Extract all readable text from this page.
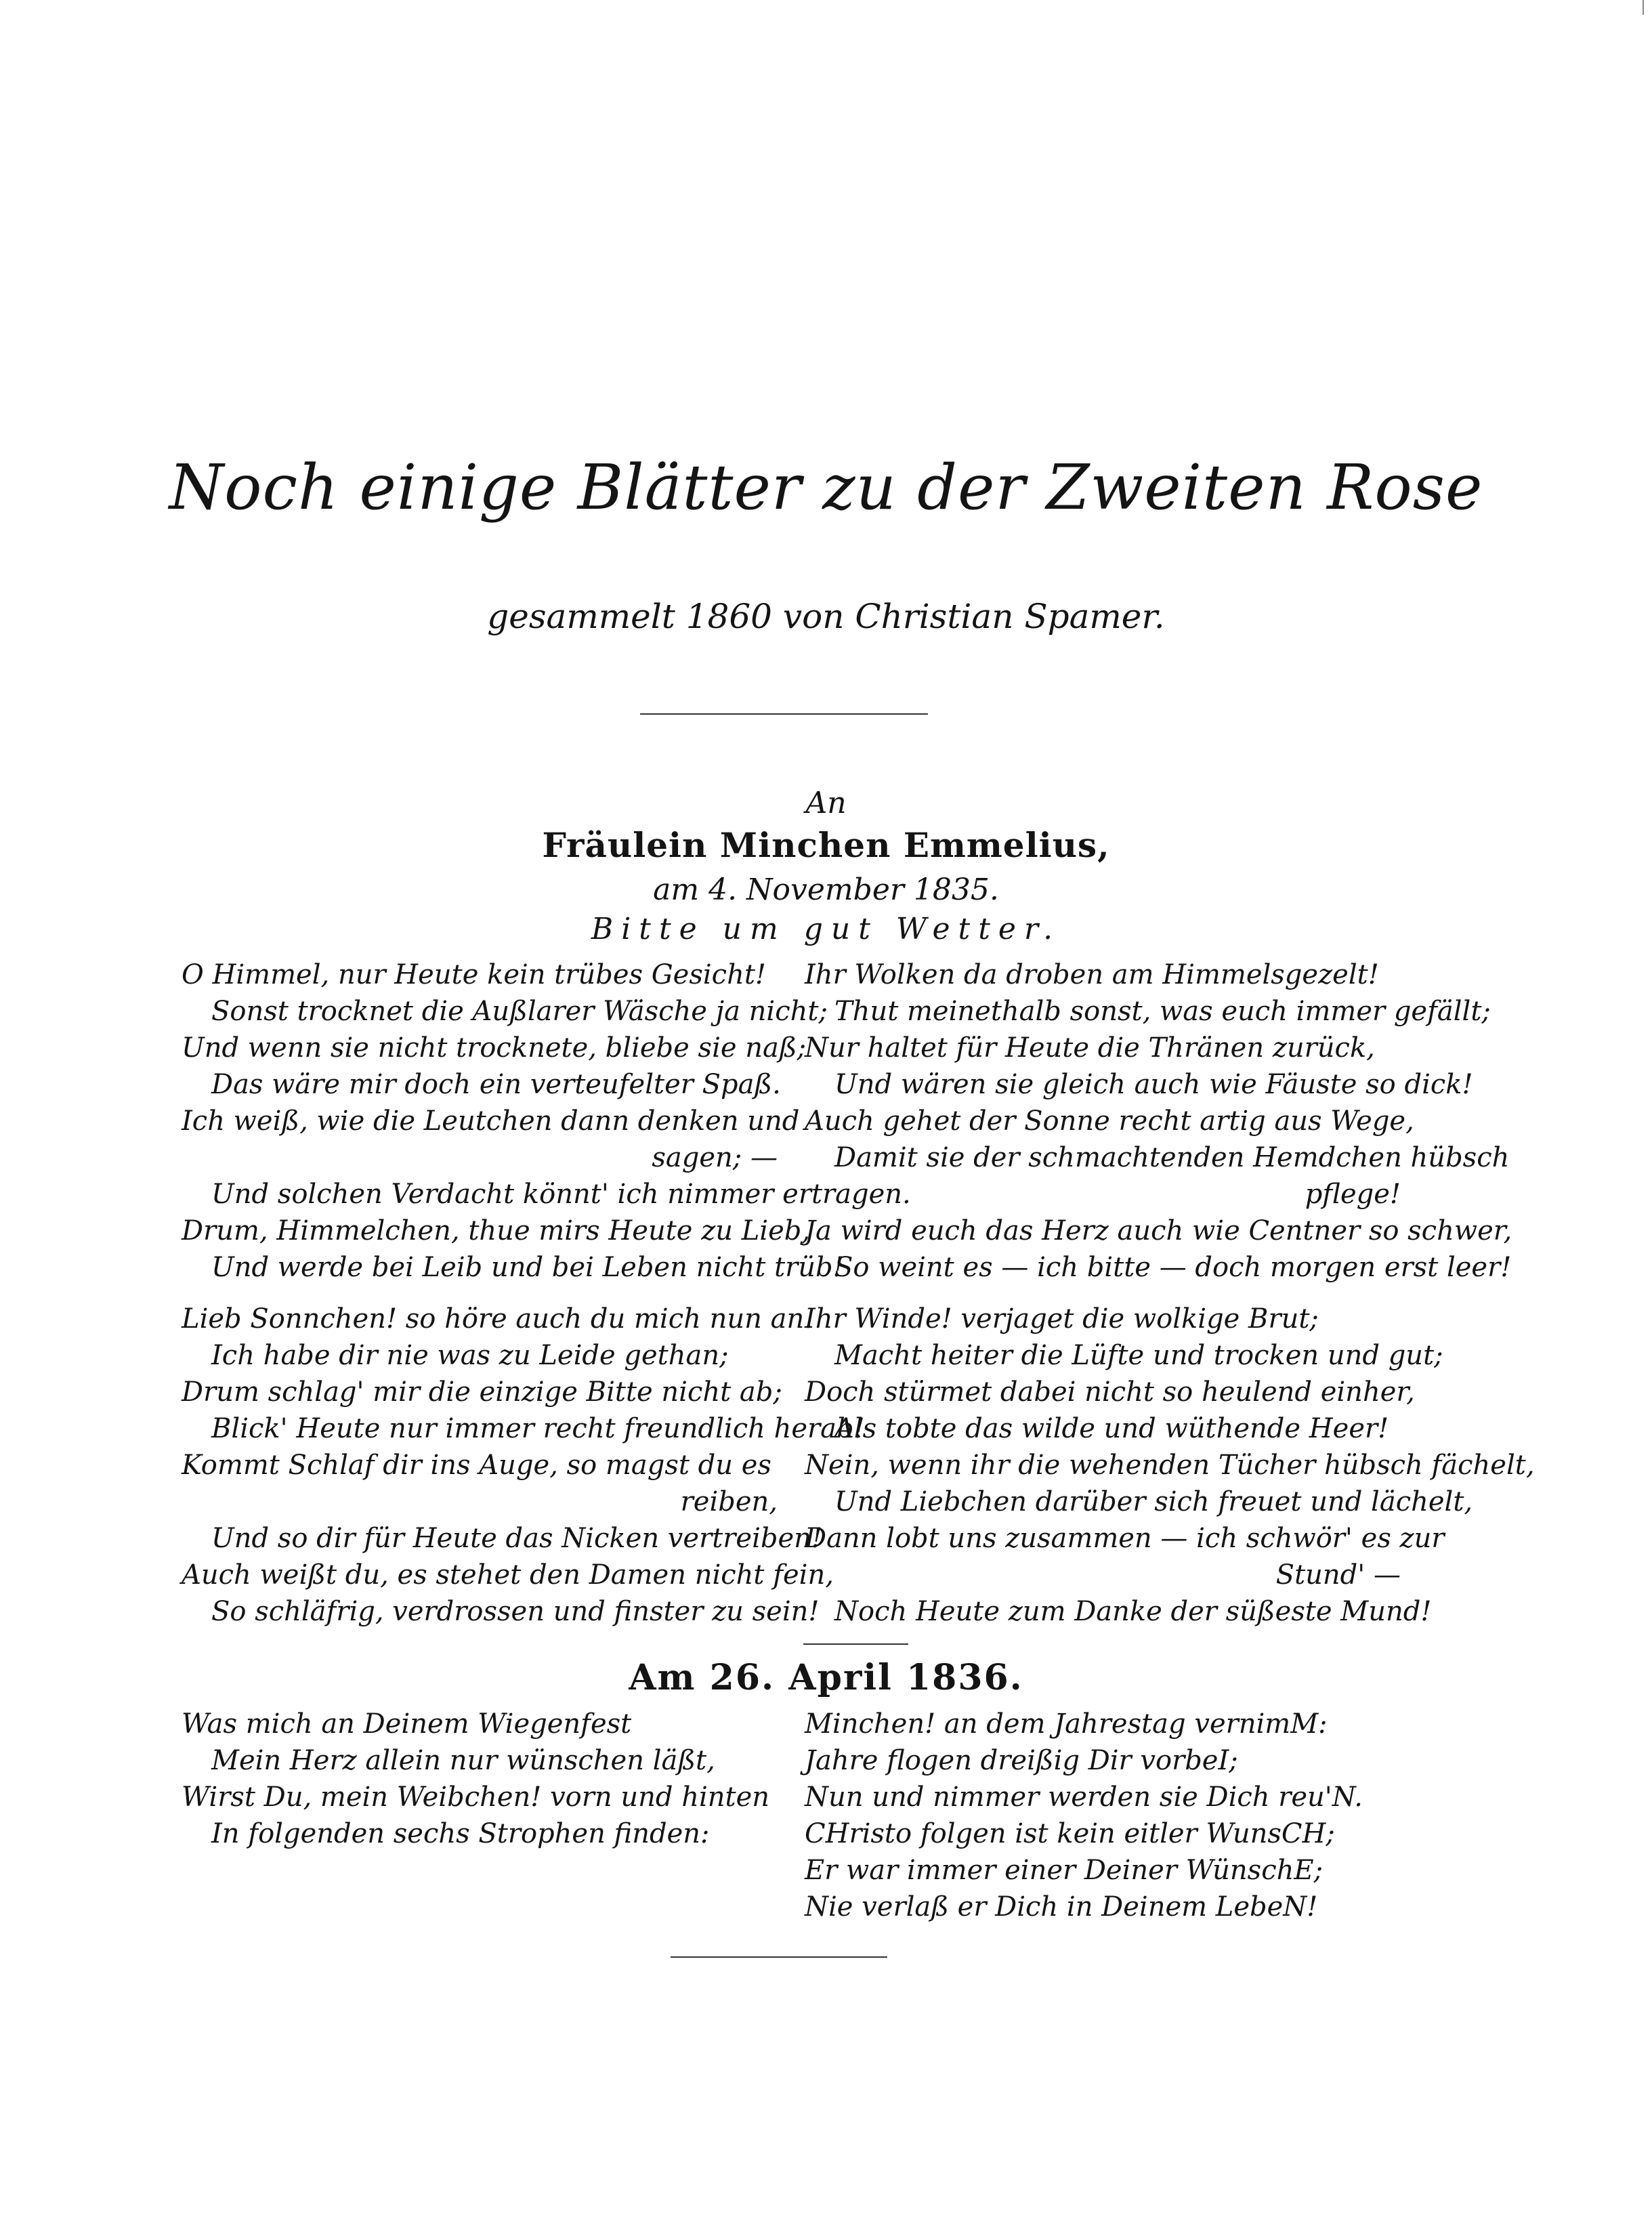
Noch einige Blätter zu der Zweiten Rose
gesammelt 1860 von Christian Spamer.
An
Fräulein Minchen Emmelius,
am 4. November 1835.
Bitte um gut Wetter.
O Himmel, nur Heute kein trübes Gesicht!
Sonst trocknet die Außlarer Wäsche ja nicht;
Und wenn sie nicht trocknete, bliebe sie naß;
Das wäre mir doch ein verteufelter Spaß.
Ich weiß, wie die Leutchen dann denken und
sagen; —
Und solchen Verdacht könnt' ich nimmer ertragen.
Drum, Himmelchen, thue mirs Heute zu Lieb,
Und werde bei Leib und bei Leben nicht trüb!
Lieb Sonnchen! so höre auch du mich nun an.
Ich habe dir nie was zu Leide gethan;
Drum schlag' mir die einzige Bitte nicht ab;
Blick' Heute nur immer recht freundlich herab!
Kommt Schlaf dir ins Auge, so magst du es
reiben,
Und so dir für Heute das Nicken vertreiben!
Auch weißt du, es stehet den Damen nicht fein,
So schläfrig, verdrossen und finster zu sein!
Ihr Wolken da droben am Himmelsgezelt!
Thut meinethalb sonst, was euch immer gefällt;
Nur haltet für Heute die Thränen zurück,
Und wären sie gleich auch wie Fäuste so dick!
Auch gehet der Sonne recht artig aus Wege,
Damit sie der schmachtenden Hemdchen hübsch
pflege!
Ja wird euch das Herz auch wie Centner so schwer,
So weint es — ich bitte — doch morgen erst leer!
Ihr Winde! verjaget die wolkige Brut;
Macht heiter die Lüfte und trocken und gut;
Doch stürmet dabei nicht so heulend einher,
Als tobte das wilde und wüthende Heer!
Nein, wenn ihr die wehenden Tücher hübsch fächelt,
Und Liebchen darüber sich freuet und lächelt,
Dann lobt uns zusammen — ich schwör' es zur
Stund' —
Noch Heute zum Danke der süßeste Mund!
Am 26. April 1836.
Was mich an Deinem Wiegenfest
Mein Herz allein nur wünschen läßt,
Wirst Du, mein Weibchen! vorn und hinten
In folgenden sechs Strophen finden:
Minchen! an dem Jahrestag vernimM:
Jahre flogen dreißig Dir vorbeI;
Nun und nimmer werden sie Dich reu'N.
CHristo folgen ist kein eitler WunsCH;
Er war immer einer Deiner WünschE;
Nie verlaß er Dich in Deinem LebeN!
